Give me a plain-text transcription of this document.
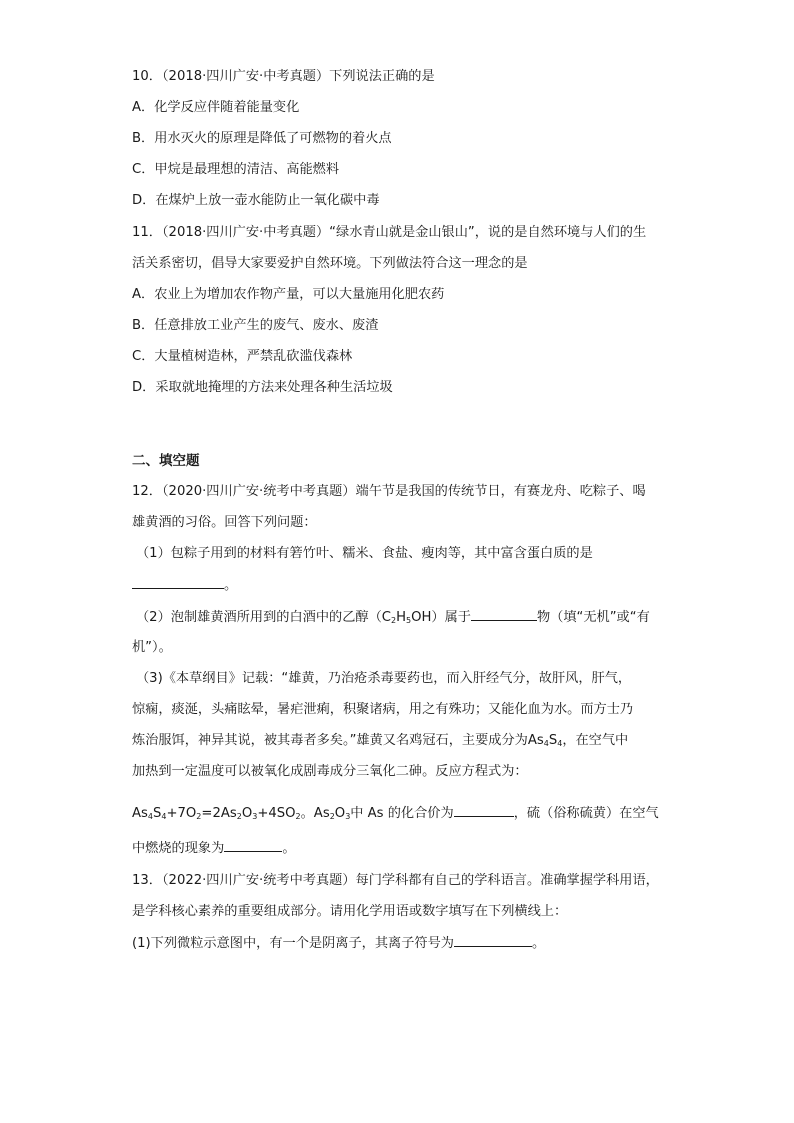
10．（2018·四川广安·中考真题）下列说法正确的是
A．化学反应伴随着能量变化
B．用水灭火的原理是降低了可燃物的着火点
C．甲烷是最理想的清洁、高能燃料
D．在煤炉上放一壶水能防止一氧化碳中毒
11．（2018·四川广安·中考真题）“绿水青山就是金山银山”，说的是自然环境与人们的生
活关系密切，倡导大家要爱护自然环境。下列做法符合这一理念的是
A．农业上为增加农作物产量，可以大量施用化肥农药
B．任意排放工业产生的废气、废水、废渣
C．大量植树造林，严禁乱砍滥伐森林
D．采取就地掩埋的方法来处理各种生活垃圾
二、填空题
12．（2020·四川广安·统考中考真题）端午节是我国的传统节日，有赛龙舟、吃粽子、喝
雄黄酒的习俗。回答下列问题：
（1）包粽子用到的材料有箬竹叶、糯米、食盐、瘦肉等，其中富含蛋白质的是
。
（2）泡制雄黄酒所用到的白酒中的乙醇$(C_2H_5OH)$属于	物（填“无机”或“有
机”）。
（3)《本草纲目》记载：“雄黄，乃治疮杀毒要药也，而入肝经气分，故肝风，肝气，
惊痫，痰涎，头痛眩晕，暑疟泄痢，积聚诸病，用之有殊功；又能化血为水。而方士乃
炼治服饵，神异其说，被其毒者多矣。”雄黄又名鸡冠石，主要成分为$As_4S_4$，在空气中
加热到一定温度可以被氧化成剧毒成分三氧化二砷。反应方程式为：
$As_4S_4+7O_2=2As_2O_3+4SO_2$。$As_2O_3$中 As 的化合价为	，硫（俗称硫黄）在空气
中燃烧的现象为	。
13．（2022·四川广安·统考中考真题）每门学科都有自己的学科语言。准确掌握学科用语，
是学科核心素养的重要组成部分。请用化学用语或数字填写在下列横线上：
(1)下列微粒示意图中，有一个是阴离子，其离子符号为	。
